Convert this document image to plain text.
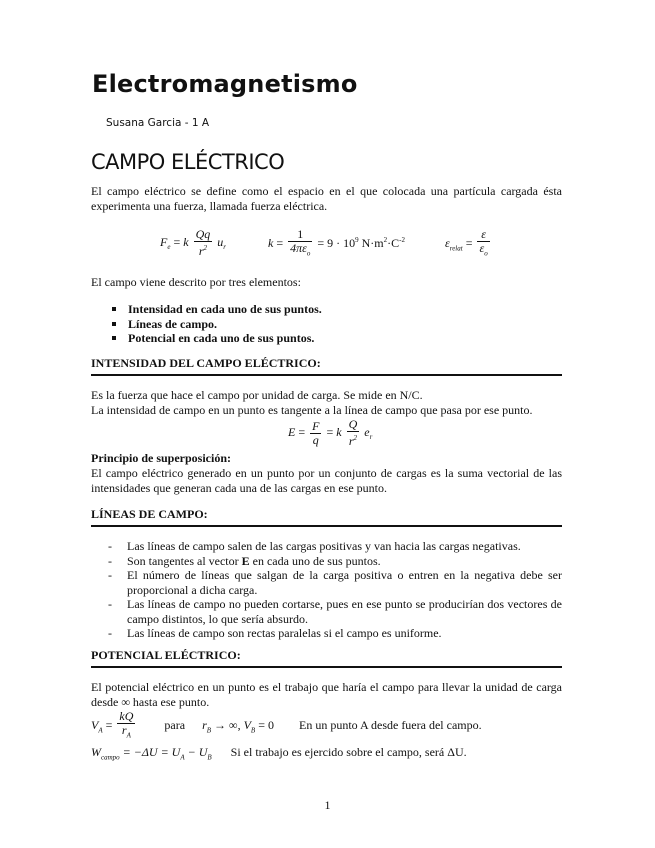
Electromagnetismo
Susana Garcia - 1 A
CAMPO ELÉCTRICO

El campo eléctrico se define como el espacio en el que colocada una partícula cargada ésta experimenta una fuerza, llamada fuerza eléctrica.

$F_e = k \frac{Qq}{r^2} u_r$	$k = \frac{1}{4\pi\varepsilon_o} = 9 \cdot 10^9$ $N\cdot m^2\cdot C^{-2}$	$\varepsilon_{relat} = \frac{\varepsilon}{\varepsilon_o}$
El campo viene descrito por tres elementos:
Intensidad en cada uno de sus puntos.
Líneas de campo.
Potencial en cada uno de sus puntos.
INTENSIDAD DEL CAMPO ELÉCTRICO:
Es la fuerza que hace el campo por unidad de carga. Se mide en N/C.
La intensidad de campo en un punto es tangente a la línea de campo que pasa por ese punto.
$E = \frac{F}{q} = k \frac{Q}{r^2} e_r$
Principio de superposición:

El campo eléctrico generado en un punto por un conjunto de cargas es la suma vectorial de las intensidades que generan cada una de las cargas en ese punto.

LÍNEAS DE CAMPO:
- Las líneas de campo salen de las cargas positivas y van hacia las cargas negativas.
- Son tangentes al vector E en cada uno de sus puntos.
- El número de líneas que salgan de la carga positiva o entren en la negativa debe ser proporcional a dicha carga.
- Las líneas de campo no pueden cortarse, pues en ese punto se producirían dos vectores de campo distintos, lo que sería absurdo.
- Las líneas de campo son rectas paralelas si el campo es uniforme.
POTENCIAL ELÉCTRICO:

El potencial eléctrico en un punto es el trabajo que haría el campo para llevar la unidad de carga desde ∞ hasta ese punto.

$V_A = \frac{kQ}{r_A}$ para $r_B$ → ∞, $V_B = 0$ En un punto A desde fuera del campo.
$W_{campo} = -\Delta U = U_A - U_B$ Si el trabajo es ejercido sobre el campo, será ΔU.
1
